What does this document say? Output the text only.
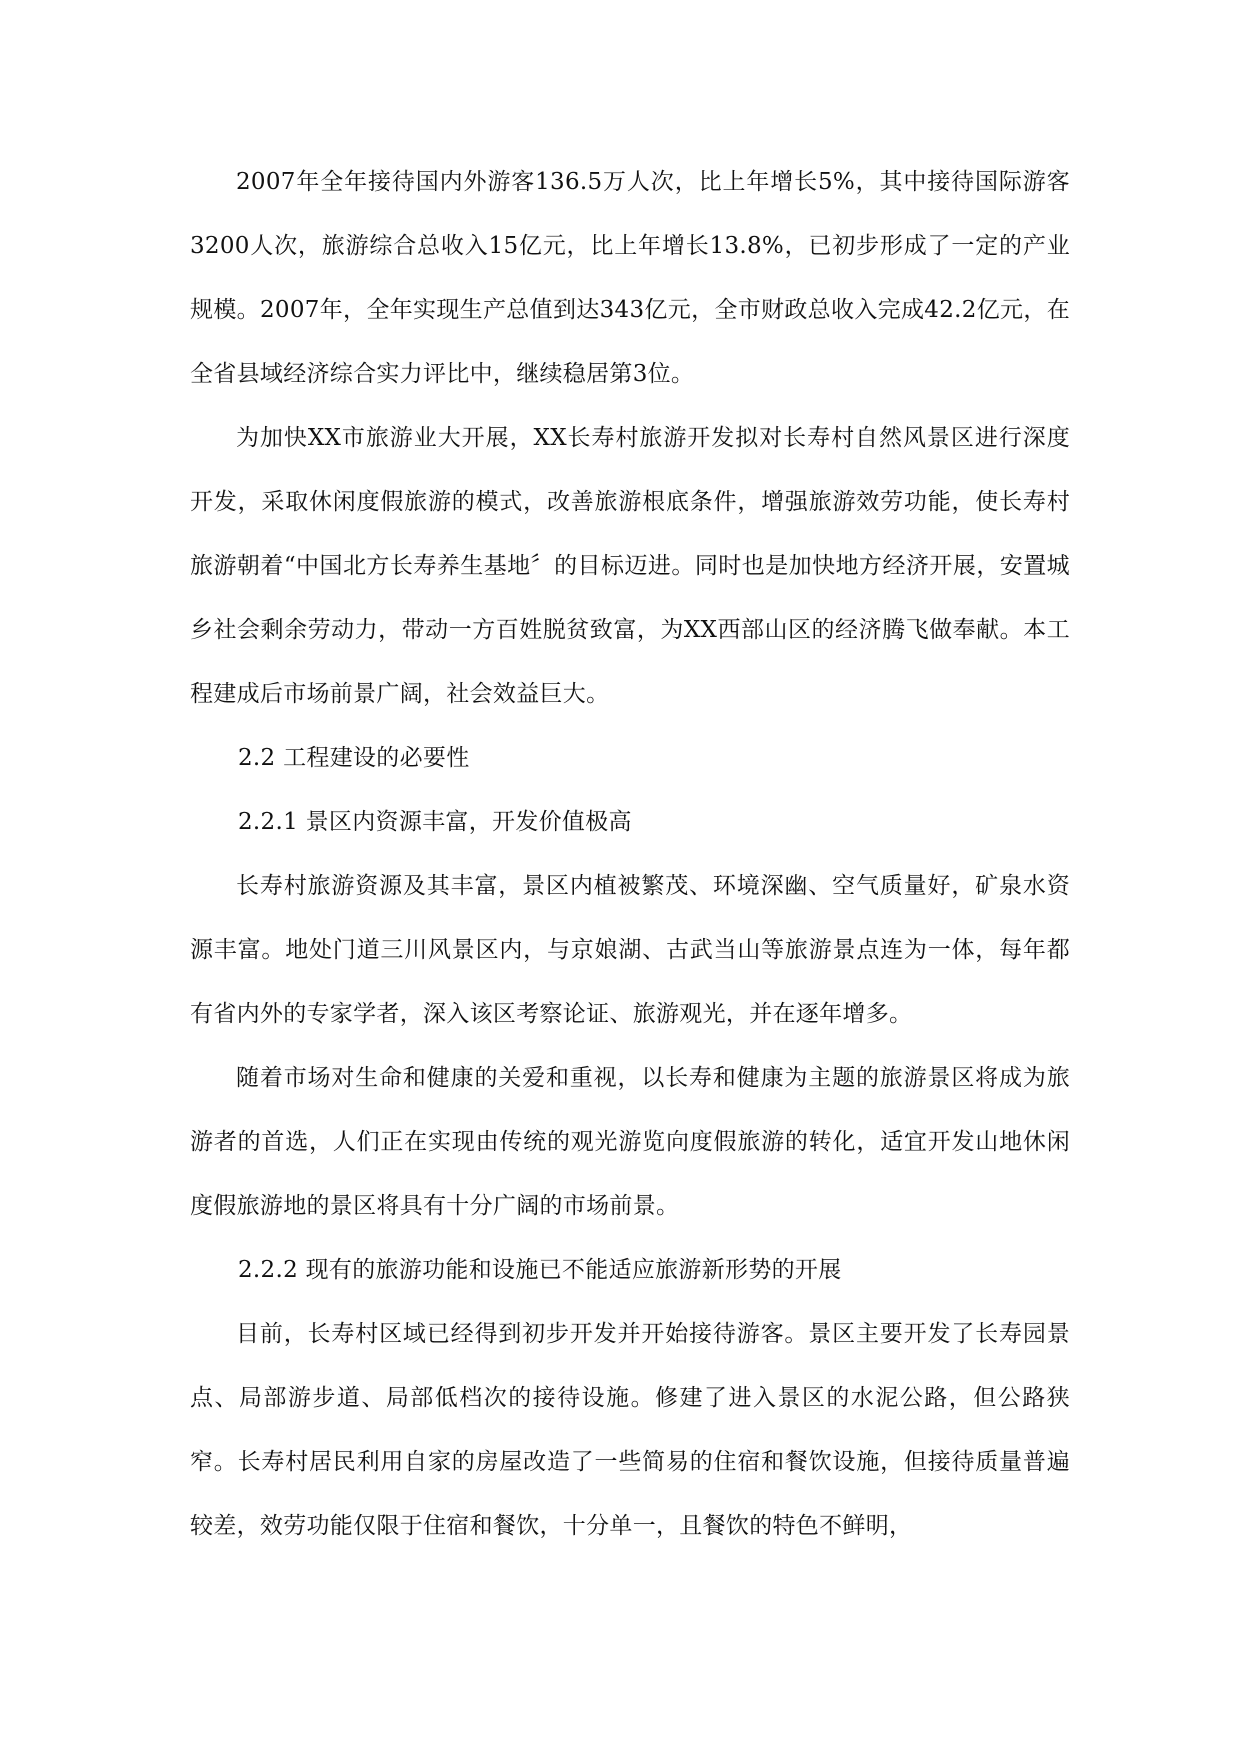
2007年全年接待国内外游客136.5万人次，比上年增长5%，其中接待国际游客3200人次，旅游综合总收入15亿元，比上年增长13.8%，已初步形成了一定的产业规模。2007年，全年实现生产总值到达343亿元，全市财政总收入完成42.2亿元，在全省县域经济综合实力评比中，继续稳居第3位。

为加快XX市旅游业大开展，XX长寿村旅游开发拟对长寿村自然风景区进行深度开发，采取休闲度假旅游的模式，改善旅游根底条件，增强旅游效劳功能，使长寿村旅游朝着“中国北方长寿养生基地〞的目标迈进。同时也是加快地方经济开展，安置城乡社会剩余劳动力，带动一方百姓脱贫致富，为XX西部山区的经济腾飞做奉献。本工程建成后市场前景广阔，社会效益巨大。

2.2 工程建设的必要性

2.2.1 景区内资源丰富，开发价值极高

长寿村旅游资源及其丰富，景区内植被繁茂、环境深幽、空气质量好，矿泉水资源丰富。地处门道三川风景区内，与京娘湖、古武当山等旅游景点连为一体，每年都有省内外的专家学者，深入该区考察论证、旅游观光，并在逐年增多。

随着市场对生命和健康的关爱和重视，以长寿和健康为主题的旅游景区将成为旅游者的首选，人们正在实现由传统的观光游览向度假旅游的转化，适宜开发山地休闲度假旅游地的景区将具有十分广阔的市场前景。

2.2.2 现有的旅游功能和设施已不能适应旅游新形势的开展

目前，长寿村区域已经得到初步开发并开始接待游客。景区主要开发了长寿园景点、局部游步道、局部低档次的接待设施。修建了进入景区的水泥公路，但公路狭窄。长寿村居民利用自家的房屋改造了一些简易的住宿和餐饮设施，但接待质量普遍较差，效劳功能仅限于住宿和餐饮，十分单一，且餐饮的特色不鲜明，
